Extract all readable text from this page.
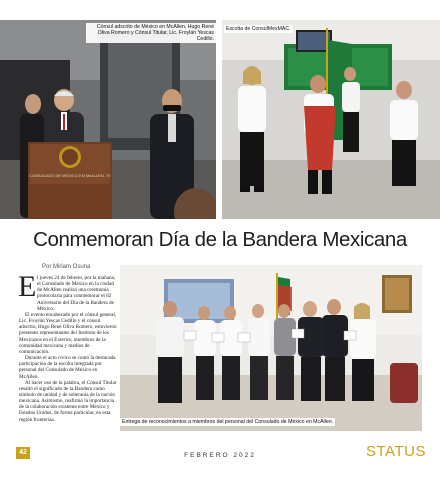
CONSULADO DE MÉXICO EN McALLEN, TX
Cónsul adscrito de México en McAllen, Hugo René Oliva Romero y Cónsul Titular, Lic. Froylán Yescas Cedillo.
Escolta de ConsulMexMAC.
Conmemoran Día de la Bandera Mexicana
Por Miriam Osuna
E l jueves 24 de febrero, por la mañana, el Consulado de México en la ciudad de McAllen realizó una ceremonia protocolaria para conmemorar el 82 Aniversario del Día de la Bandera de México.

El evento encabezado por el cónsul general, Lic. Froylán Yescas Cedillo y el cónsul adscrito, Hugo René Oliva Romero, estuvieron presentes representantes del Instituto de los Mexicanos en el Exterior, miembros de la comunidad mexicana y medios de comunicación.

Durante el acto cívico se contó la destacada participación de la escolta integrada por personal del Consulado de México en McAllen.

Al hacer uso de la palabra, el Cónsul Titular resaltó el significado de la Bandera como símbolo de unidad y de soberanía de la nación mexicana. Asimismo, reafirmó la importancia de la colaboración existente entre México y Estados Unidos, de forma particular, en esta región fronteriza.	Entrega de reconocimientos a miembros del personal del Consulado de México en McAllen.
42	FEBRERO 2022	STATUS
